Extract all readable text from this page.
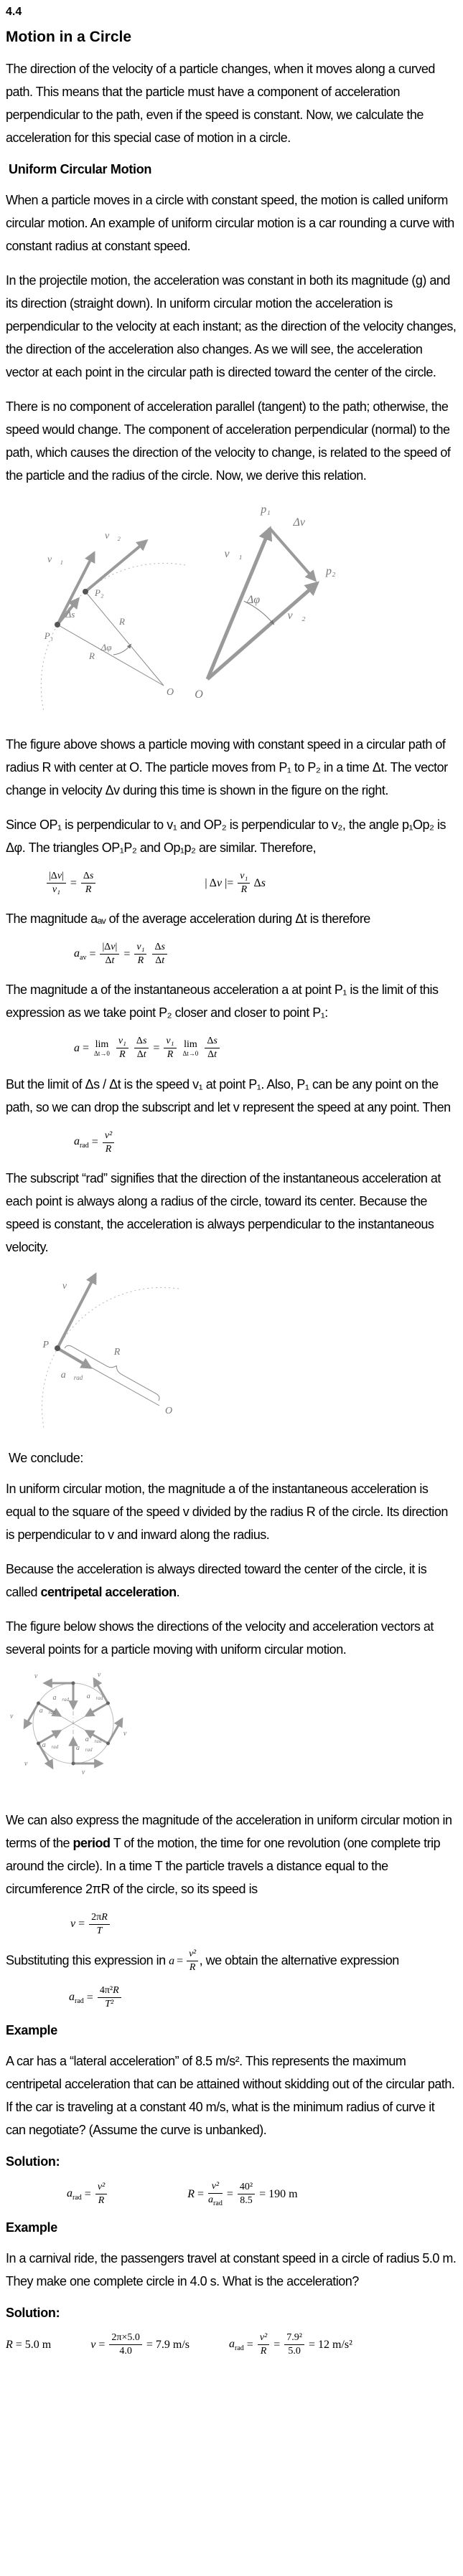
4.4
Motion in a Circle

The direction of the velocity of a particle changes, when it moves along a curved path. This means that the particle must have a component of acceleration perpendicular to the path, even if the speed is constant. Now, we calculate the acceleration for this special case of motion in a circle.

Uniform Circular Motion

When a particle moves in a circle with constant speed, the motion is called uniform circular motion. An example of uniform circular motion is a car rounding a curve with constant radius at constant speed.

In the projectile motion, the acceleration was constant in both its magnitude (g) and its direction (straight down). In uniform circular motion the acceleration is perpendicular to the velocity at each instant; as the direction of the velocity changes, the direction of the acceleration also changes. As we will see, the acceleration vector at each point in the circular path is directed toward the center of the circle.

There is no component of acceleration parallel (tangent) to the path; otherwise, the speed would change. The component of acceleration perpendicular (normal) to the path, which causes the direction of the velocity to change, is related to the speed of the particle and the radius of the circle. Now, we derive this relation.

v⃗₁
v⃗₂
P₂
Δs
R
P₁
Δφ
R
O
p₁
Δv⃗
v⃗₁
p₂
Δφ
v⃗₂
O

The figure above shows a particle moving with constant speed in a circular path of radius R with center at O. The particle moves from P₁ to P₂ in a time Δt. The vector change in velocity Δv during this time is shown in the figure on the right.

Since OP₁ is perpendicular to v₁ and OP₂ is perpendicular to v₂, the angle p₁Op₂ is Δφ. The triangles OP₁P₂ and Op₁p₂ are similar. Therefore,

$\frac{|\Delta v|}{\text{v₁}} = \frac{\Delta s}{R}$	| Δ v |= $\frac{\text{v₁}}{R}$ Δ s

The magnitude aₐᵥ of the average acceleration during Δt is therefore

$a_{av} = \frac{|\Delta v|}{\Delta t} = \frac{\text{v₁}}{R}$
$\frac{\Delta s}{\Delta t}$

The magnitude a of the instantaneous acceleration a at point P₁ is the limit of this expression as we take point P₂ closer and closer to point P₁:

a = lim
Δt→0
$\frac{\text{v₁}}{R}$
$\frac{\Delta s}{\Delta t} = \frac{\text{v₁}}{R}$
lim
Δt→0
$\frac{\Delta s}{\Delta t}$

But the limit of Δs / Δt is the speed v₁ at point P₁. Also, P₁ can be any point on the path, so we can drop the subscript and let v represent the speed at any point. Then

$a_{rad} = \frac{\text{v²}}{R}$

The subscript “rad” signifies that the direction of the instantaneous acceleration at each point is always along a radius of the circle, toward its center. Because the speed is constant, the acceleration is always perpendicular to the instantaneous velocity.

v⃗
P
$a⃗_{rad}$
R
O

We conclude:

In uniform circular motion, the magnitude a of the instantaneous acceleration is equal to the square of the speed v divided by the radius R of the circle. Its direction is perpendicular to v and inward along the radius.

Because the acceleration is always directed toward the center of the circle, it is called centripetal acceleration.

The figure below shows the directions of the velocity and acceleration vectors at several points for a particle moving with uniform circular motion.

v⃗
$a⃗_{rad}$
v⃗
$a⃗_{rad}$
v⃗
$a⃗_{rad}$
v⃗
$a⃗_{rad}$
v⃗
$a⃗_{rad}$
v⃗
$a⃗_{rad}$

We can also express the magnitude of the acceleration in uniform circular motion in terms of the period T of the motion, the time for one revolution (one complete trip around the circle). In a time T the particle travels a distance equal to the circumference 2πR of the circle, so its speed is

$v = \frac{2\pi R}{T}$

Substituting this expression in $a = \frac{\text{v²}}{R}$ , we obtain the alternative expression

$a_{rad} = \frac{\text{4π²R}}{\text{T²}}$
Example

A car has a “lateral acceleration” of 8.5 m/s². This represents the maximum centripetal acceleration that can be attained without skidding out of the circular path. If the car is traveling at a constant 40 m/s, what is the minimum radius of curve it can negotiate? (Assume the curve is unbanked).

Solution:
$a_{rad} = \frac{\text{v²}}{R}$	$R = \frac{\text{v²}}{a_{rad}} = \frac{\text{40²}}{8.5} = 190$ m
Example

In a carnival ride, the passengers travel at constant speed in a circle of radius 5.0 m. They make one complete circle in 4.0 s. What is the acceleration?

Solution:
R = 5.0 m	$v = \frac{2\pi\times 5.0}{4.0} = 7.9$ m/s	$a_{rad} = \frac{\text{v²}}{R} = \frac{\text{7.9²}}{5.0} = 12$ m/s²
